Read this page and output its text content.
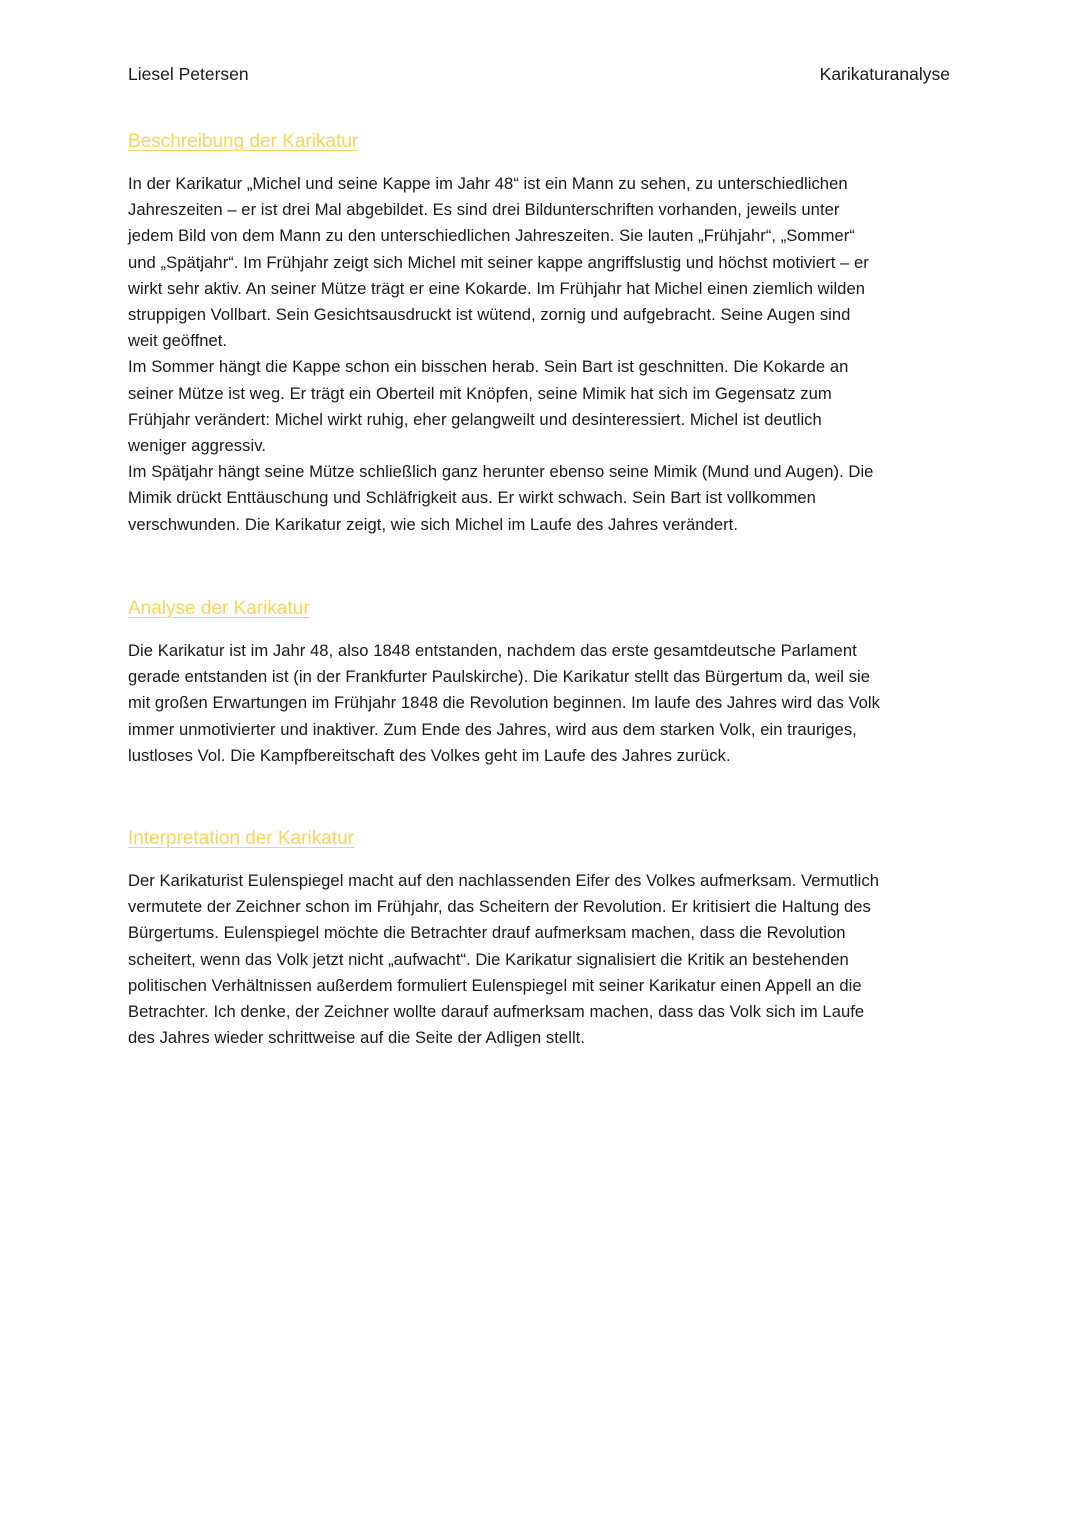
Liesel Petersen	Karikaturanalyse
Beschreibung der Karikatur

In der Karikatur „Michel und seine Kappe im Jahr 48“ ist ein Mann zu sehen, zu unterschiedlichen
Jahreszeiten – er ist drei Mal abgebildet. Es sind drei Bildunterschriften vorhanden, jeweils unter
jedem Bild von dem Mann zu den unterschiedlichen Jahreszeiten. Sie lauten „Frühjahr“, „Sommer“
und „Spätjahr“. Im Frühjahr zeigt sich Michel mit seiner kappe angriffslustig und höchst motiviert – er
wirkt sehr aktiv. An seiner Mütze trägt er eine Kokarde. Im Frühjahr hat Michel einen ziemlich wilden
struppigen Vollbart. Sein Gesichtsausdruckt ist wütend, zornig und aufgebracht. Seine Augen sind
weit geöffnet.
Im Sommer hängt die Kappe schon ein bisschen herab. Sein Bart ist geschnitten. Die Kokarde an
seiner Mütze ist weg. Er trägt ein Oberteil mit Knöpfen, seine Mimik hat sich im Gegensatz zum
Frühjahr verändert: Michel wirkt ruhig, eher gelangweilt und desinteressiert. Michel ist deutlich
weniger aggressiv.
Im Spätjahr hängt seine Mütze schließlich ganz herunter ebenso seine Mimik (Mund und Augen). Die
Mimik drückt Enttäuschung und Schläfrigkeit aus. Er wirkt schwach. Sein Bart ist vollkommen
verschwunden. Die Karikatur zeigt, wie sich Michel im Laufe des Jahres verändert.

Analyse der Karikatur

Die Karikatur ist im Jahr 48, also 1848 entstanden, nachdem das erste gesamtdeutsche Parlament
gerade entstanden ist (in der Frankfurter Paulskirche). Die Karikatur stellt das Bürgertum da, weil sie
mit großen Erwartungen im Frühjahr 1848 die Revolution beginnen. Im laufe des Jahres wird das Volk
immer unmotivierter und inaktiver. Zum Ende des Jahres, wird aus dem starken Volk, ein trauriges,
lustloses Vol. Die Kampfbereitschaft des Volkes geht im Laufe des Jahres zurück.

Interpretation der Karikatur

Der Karikaturist Eulenspiegel macht auf den nachlassenden Eifer des Volkes aufmerksam. Vermutlich
vermutete der Zeichner schon im Frühjahr, das Scheitern der Revolution. Er kritisiert die Haltung des
Bürgertums. Eulenspiegel möchte die Betrachter drauf aufmerksam machen, dass die Revolution
scheitert, wenn das Volk jetzt nicht „aufwacht“. Die Karikatur signalisiert die Kritik an bestehenden
politischen Verhältnissen außerdem formuliert Eulenspiegel mit seiner Karikatur einen Appell an die
Betrachter. Ich denke, der Zeichner wollte darauf aufmerksam machen, dass das Volk sich im Laufe
des Jahres wieder schrittweise auf die Seite der Adligen stellt.
